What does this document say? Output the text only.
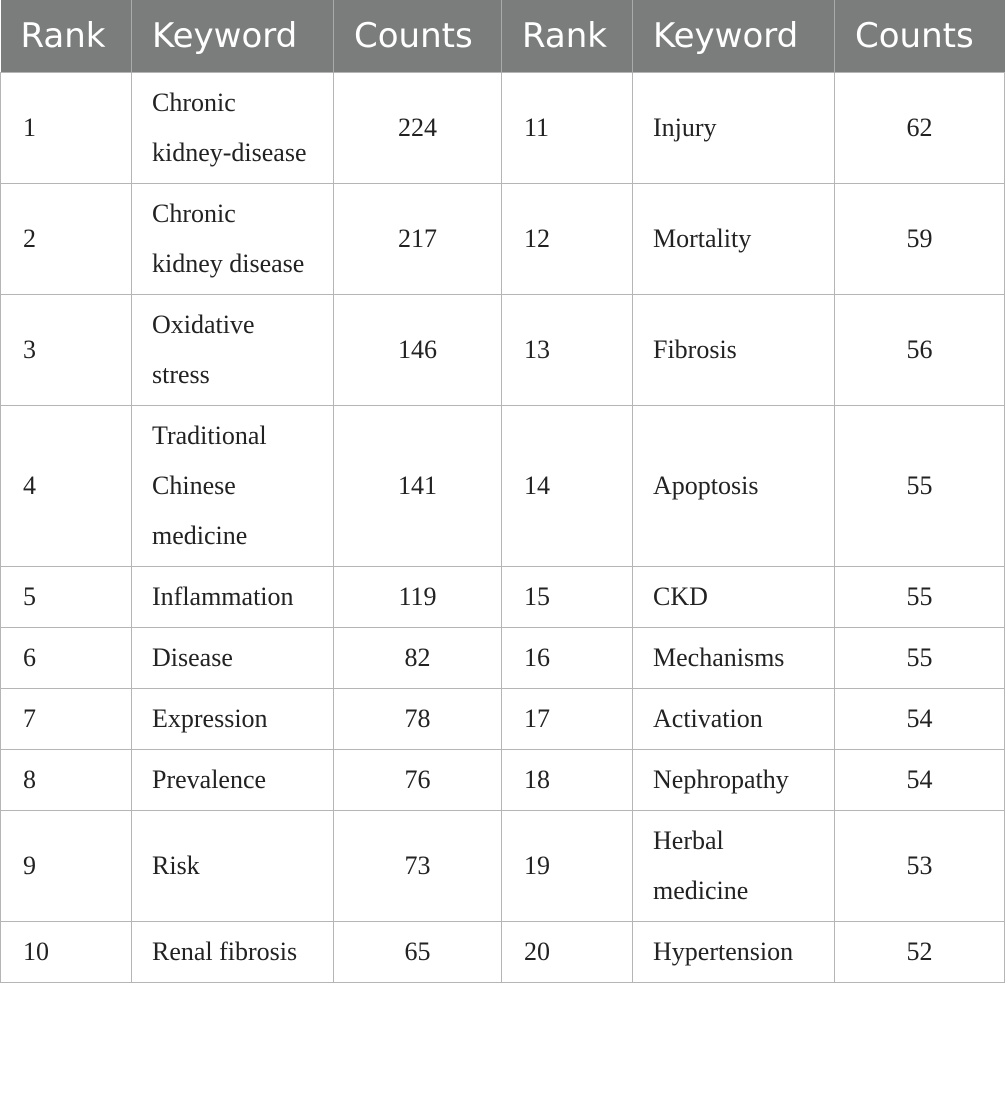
Rank	Keyword	Counts	Rank	Keyword	Counts
1	Chronic kidney-disease	224	11	Injury	62
2	Chronic kidney disease	217	12	Mortality	59
3	Oxidative stress	146	13	Fibrosis	56
4	Traditional Chinese medicine	141	14	Apoptosis	55
5	Inflammation	119	15	CKD	55
6	Disease	82	16	Mechanisms	55
7	Expression	78	17	Activation	54
8	Prevalence	76	18	Nephropathy	54
9	Risk	73	19	Herbal medicine	53
10	Renal fibrosis	65	20	Hypertension	52
